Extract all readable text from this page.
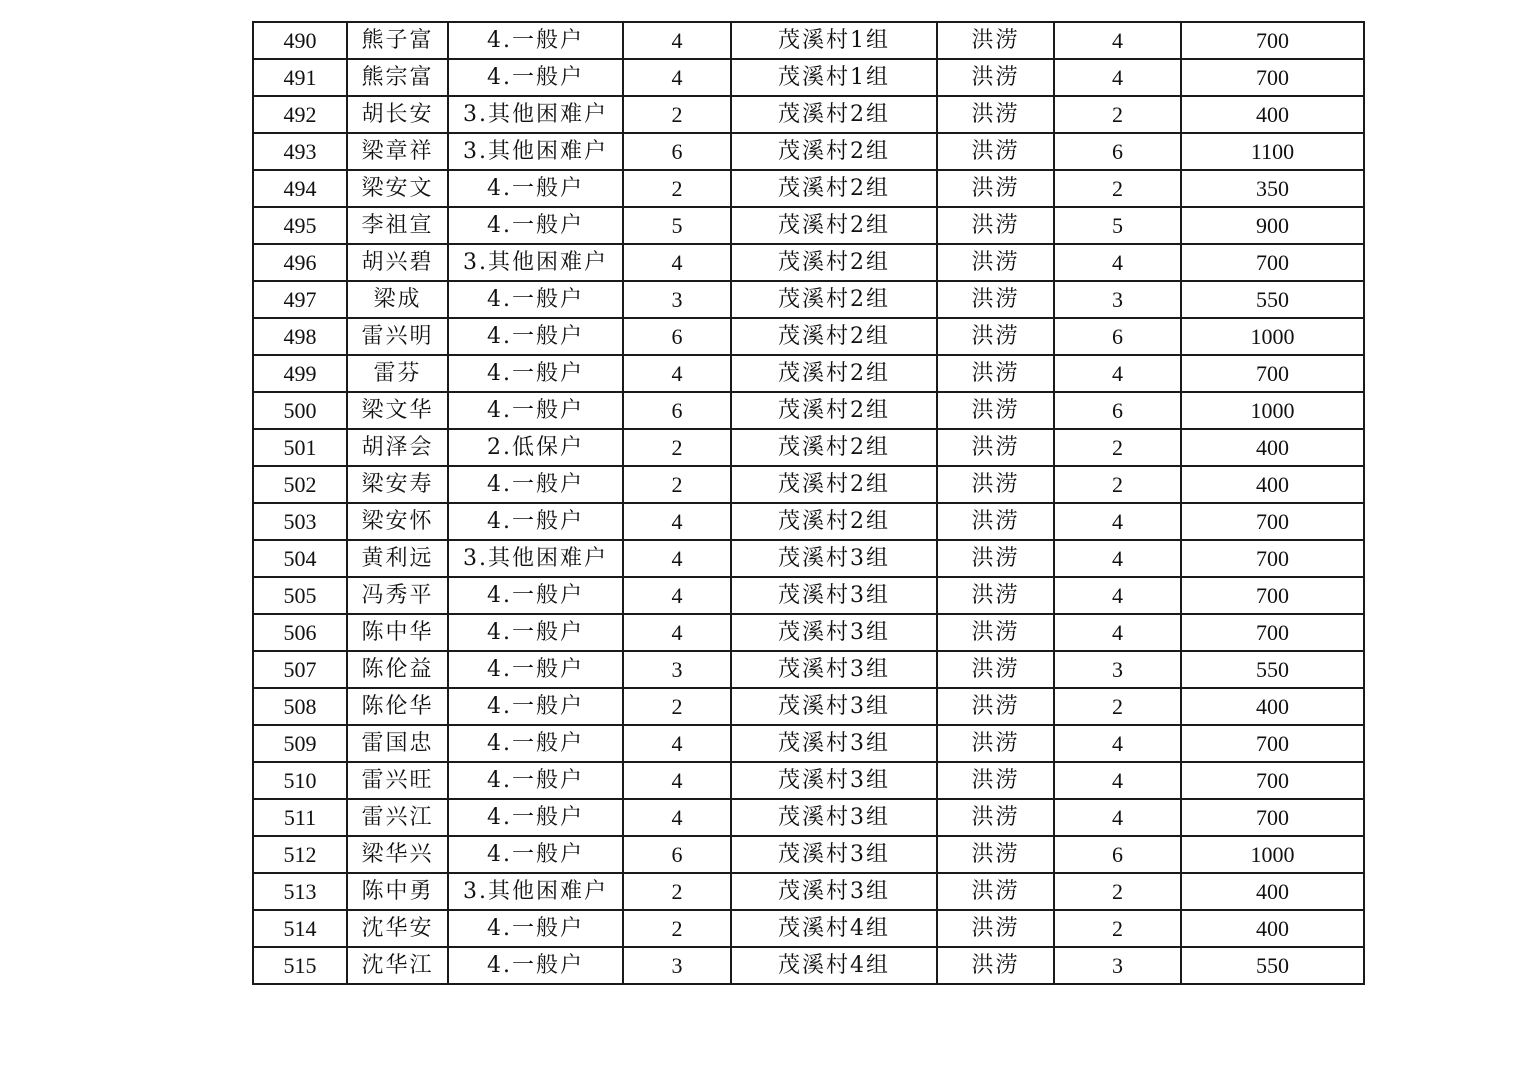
490	熊子富	4.一般户	4	茂溪村1组	洪涝	4	700
491	熊宗富	4.一般户	4	茂溪村1组	洪涝	4	700
492	胡长安	3.其他困难户	2	茂溪村2组	洪涝	2	400
493	梁章祥	3.其他困难户	6	茂溪村2组	洪涝	6	1100
494	梁安文	4.一般户	2	茂溪村2组	洪涝	2	350
495	李祖宣	4.一般户	5	茂溪村2组	洪涝	5	900
496	胡兴碧	3.其他困难户	4	茂溪村2组	洪涝	4	700
497	梁成	4.一般户	3	茂溪村2组	洪涝	3	550
498	雷兴明	4.一般户	6	茂溪村2组	洪涝	6	1000
499	雷芬	4.一般户	4	茂溪村2组	洪涝	4	700
500	梁文华	4.一般户	6	茂溪村2组	洪涝	6	1000
501	胡泽会	2.低保户	2	茂溪村2组	洪涝	2	400
502	梁安寿	4.一般户	2	茂溪村2组	洪涝	2	400
503	梁安怀	4.一般户	4	茂溪村2组	洪涝	4	700
504	黄利远	3.其他困难户	4	茂溪村3组	洪涝	4	700
505	冯秀平	4.一般户	4	茂溪村3组	洪涝	4	700
506	陈中华	4.一般户	4	茂溪村3组	洪涝	4	700
507	陈伦益	4.一般户	3	茂溪村3组	洪涝	3	550
508	陈伦华	4.一般户	2	茂溪村3组	洪涝	2	400
509	雷国忠	4.一般户	4	茂溪村3组	洪涝	4	700
510	雷兴旺	4.一般户	4	茂溪村3组	洪涝	4	700
511	雷兴江	4.一般户	4	茂溪村3组	洪涝	4	700
512	梁华兴	4.一般户	6	茂溪村3组	洪涝	6	1000
513	陈中勇	3.其他困难户	2	茂溪村3组	洪涝	2	400
514	沈华安	4.一般户	2	茂溪村4组	洪涝	2	400
515	沈华江	4.一般户	3	茂溪村4组	洪涝	3	550
